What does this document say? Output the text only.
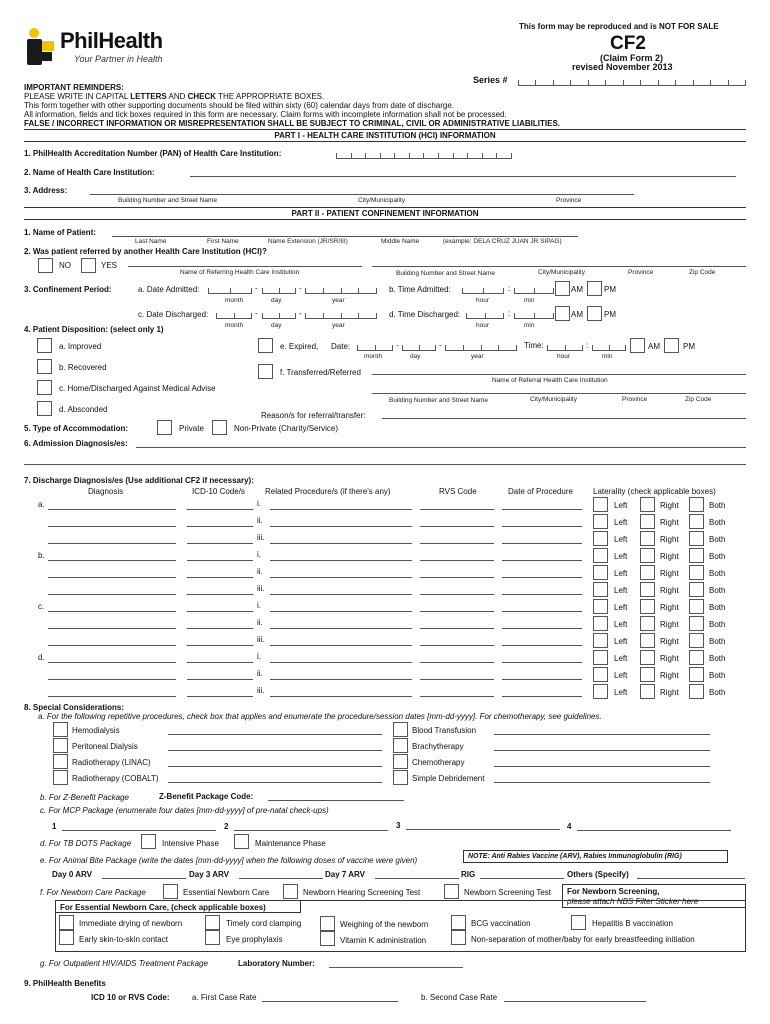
This form may be reproduced and is NOT FOR SALE
PhilHealth
Your Partner in Health
CF2
(Claim Form 2)
revised November 2013
Series #
IMPORTANT REMINDERS:
PLEASE WRITE IN CAPITAL LETTERS AND CHECK THE APPROPRIATE BOXES.
This form together with other supporting documents should be filed within sixty (60) calendar days from date of discharge.
All information, fields and tick boxes required in this form are necessary. Claim forms with incomplete information shall not be processed.
FALSE / INCORRECT INFORMATION OR MISREPRESENTATION SHALL BE SUBJECT TO CRIMINAL, CIVIL OR ADMINISTRATIVE LIABILITIES.
PART I - HEALTH CARE INSTITUTION (HCI) INFORMATION
1. PhilHealth Accreditation Number (PAN) of Health Care Institution:
2. Name of Health Care Institution:
3. Address:
Building Number and Street Name	City/Municipality	Province
PART II - PATIENT CONFINEMENT INFORMATION
1. Name of Patient:
Last Name	First Name	Name Extension (JR/SR/III)	Middle Name	(example: DELA CRUZ JUAN JR SIPAG)
2. Was patient referred by another Health Care Institution (HCI)?
NO	YES
Name of Referring Health Care Institution	Building Number and Street Name	City/Municipality	Province	Zip Code
3. Confinement Period:	a. Date Admitted:	-	-
month	day	year
b. Time Admitted:	:	AM	PM
hour	min
c. Date Discharged:	-	-
month	day	year
d. Time Discharged:	:	AM	PM
hour	min
4. Patient Disposition: (select only 1)
a. Improved
b. Recovered
c. Home/Discharged Against Medical Advise
d. Absconded
e. Expired, Date:	-	-
month	day	year
Time:	:	AM	PM
hour	min
f. Transferred/Referred
Name of Referral Health Care Institution
Building Number and Street Name	City/Municipality	Province	Zip Code
Reason/s for referral/transfer:
5. Type of Accommodation:	Private	Non-Private (Charity/Service)
6. Admission Diagnosis/es:
7. Discharge Diagnosis/es (Use additional CF2 if necessary):
Diagnosis	ICD-10 Code/s	Related Procedure/s (if there's any)	RVS Code	Date of Procedure	Laterality (check applicable boxes)
a.	i.	Left	Right	Both
ii.	Left	Right	Both
iii.	Left	Right	Both
b.	i.	Left	Right	Both
ii.	Left	Right	Both
iii.	Left	Right	Both
c.	i.	Left	Right	Both
ii.	Left	Right	Both
iii.	Left	Right	Both
d.	i.	Left	Right	Both
ii.	Left	Right	Both
iii.	Left	Right	Both
8. Special Considerations:
a. For the following repetitive procedures, check box that applies and enumerate the procedure/session dates [mm-dd-yyyy]. For chemotherapy, see guidelines.
Hemodialysis
Peritoneal Dialysis
Radiotherapy (LINAC)
Radiotherapy (COBALT)
Blood Transfusion
Brachytherapy
Chemotherapy
Simple Debridement
b. For Z-Benefit Package	Z-Benefit Package Code:
c. For MCP Package (enumerate four dates [mm-dd-yyyy] of pre-natal check-ups)
1	2	3	4
d. For TB DOTS Package	Intensive Phase	Maintenance Phase
e. For Animal Bite Package (write the dates [mm-dd-yyyy] when the following doses of vaccine were given)	NOTE: Anti Rabies Vaccine (ARV), Rabies Immunoglobulin (RIG)
Day 0 ARV	Day 3 ARV	Day 7 ARV	RIG	Others (Specify)
f. For Newborn Care Package	Essential Newborn Care	Newborn Hearing Screening Test	Newborn Screening Test For Newborn Screening,
please attach NBS Filter Sticker here
For Essential Newborn Care, (check applicable boxes)
Immediate drying of newborn	Timely cord clamping	Weighing of the newborn	BCG vaccination	Hepatitis B vaccination
Early skin-to-skin contact	Eye prophylaxis	Vitamin K administration	Non-separation of mother/baby for early breastfeeding initiation
g. For Outpatient HIV/AIDS Treatment Package	Laboratory Number:
9. PhilHealth Benefits
ICD 10 or RVS Code:	a. First Case Rate	b. Second Case Rate
